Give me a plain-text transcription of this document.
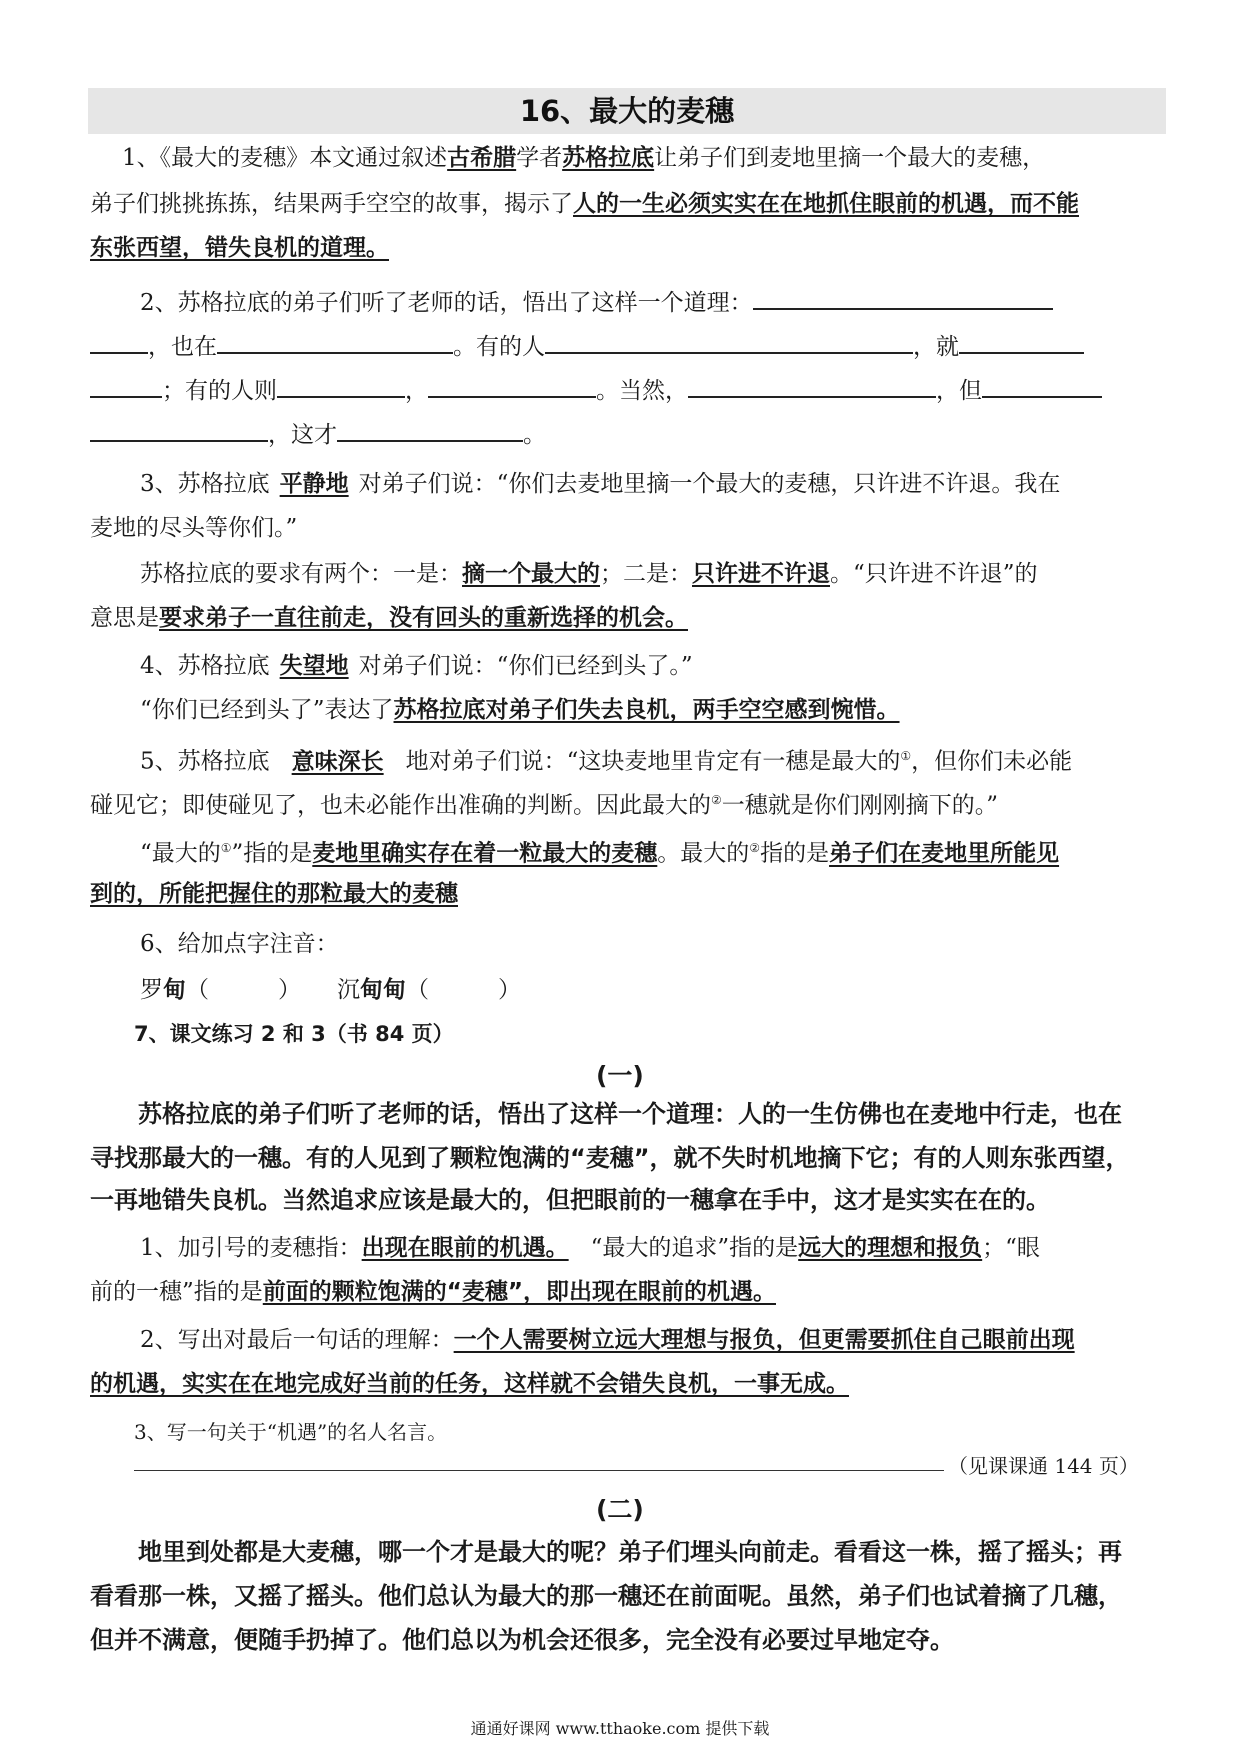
16、最大的麦穗
1、《最大的麦穗》本文通过叙述古希腊学者苏格拉底让弟子们到麦地里摘一个最大的麦穗，
弟子们挑挑拣拣，结果两手空空的故事，揭示了人的一生必须实实在在地抓住眼前的机遇，而不能
东张西望，错失良机的道理。
2、苏格拉底的弟子们听了老师的话，悟出了这样一个道理：
，也在	。有的人	，就
；有的人则	，	。当然，	，但
，这才	。
3、苏格拉底 平静地 对弟子们说：“你们去麦地里摘一个最大的麦穗，只许进不许退。我在
麦地的尽头等你们。”
苏格拉底的要求有两个：一是：摘一个最大的；二是：只许进不许退。“只许进不许退”的
意思是要求弟子一直往前走，没有回头的重新选择的机会。
4、苏格拉底 失望地 对弟子们说：“你们已经到头了。”
“你们已经到头了”表达了苏格拉底对弟子们失去良机，两手空空感到惋惜。
5、苏格拉底 意味深长 地对弟子们说：“这块麦地里肯定有一穗是最大的①，但你们未必能
碰见它；即使碰见了，也未必能作出准确的判断。因此最大的②一穗就是你们刚刚摘下的。”
“最大的①”指的是麦地里确实存在着一粒最大的麦穗。最大的②指的是弟子们在麦地里所能见
到的，所能把握住的那粒最大的麦穗
6、给加点字注音：
罗甸（　　　） 沉甸甸（　　　）
7、课文练习 2 和 3（书 84 页）
(一)
苏格拉底的弟子们听了老师的话，悟出了这样一个道理：人的一生仿佛也在麦地中行走，也在
寻找那最大的一穗。有的人见到了颗粒饱满的“麦穗”，就不失时机地摘下它；有的人则东张西望，
一再地错失良机。当然追求应该是最大的，但把眼前的一穗拿在手中，这才是实实在在的。
1、加引号的麦穗指：出现在眼前的机遇。 “最大的追求”指的是远大的理想和报负；“眼
前的一穗”指的是前面的颗粒饱满的“麦穗”，即出现在眼前的机遇。
2、写出对最后一句话的理解：一个人需要树立远大理想与报负，但更需要抓住自己眼前出现
的机遇，实实在在地完成好当前的任务，这样就不会错失良机，一事无成。
3、写一句关于“机遇”的名人名言。
（见课课通 144 页）
(二)
地里到处都是大麦穗，哪一个才是最大的呢？弟子们埋头向前走。看看这一株，摇了摇头；再
看看那一株，又摇了摇头。他们总认为最大的那一穗还在前面呢。虽然，弟子们也试着摘了几穗，
但并不满意，便随手扔掉了。他们总以为机会还很多，完全没有必要过早地定夺。
通通好课网 www.tthaoke.com 提供下载
